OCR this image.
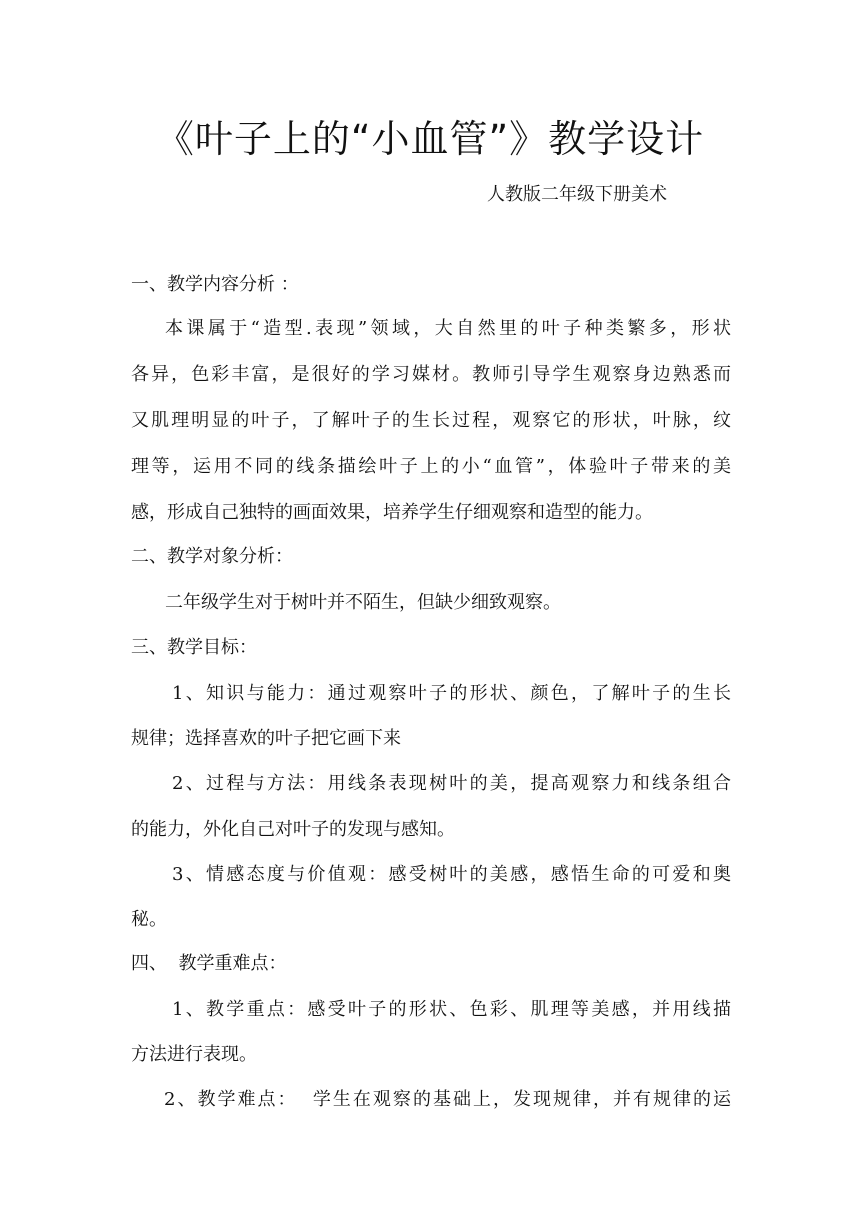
《叶子上的“小血管”》教学设计

人教版二年级下册美术

一、教学内容分析 ：

本课属于“造型.表现”领域，大自然里的叶子种类繁多，形状

各异，色彩丰富，是很好的学习媒材。教师引导学生观察身边熟悉而

又肌理明显的叶子，了解叶子的生长过程，观察它的形状，叶脉，纹

理等，运用不同的线条描绘叶子上的小“血管”，体验叶子带来的美

感，形成自己独特的画面效果，培养学生仔细观察和造型的能力。

二、教学对象分析：

二年级学生对于树叶并不陌生，但缺少细致观察。

三、教学目标：

1、知识与能力：通过观察叶子的形状、颜色，了解叶子的生长

规律；选择喜欢的叶子把它画下来

2、过程与方法：用线条表现树叶的美，提高观察力和线条组合

的能力，外化自己对叶子的发现与感知。

3、情感态度与价值观：感受树叶的美感，感悟生命的可爱和奥

秘。

四、  教学重难点：

1、教学重点：感受叶子的形状、色彩、肌理等美感，并用线描

方法进行表现。

2、教学难点：  学生在观察的基础上，发现规律，并有规律的运
